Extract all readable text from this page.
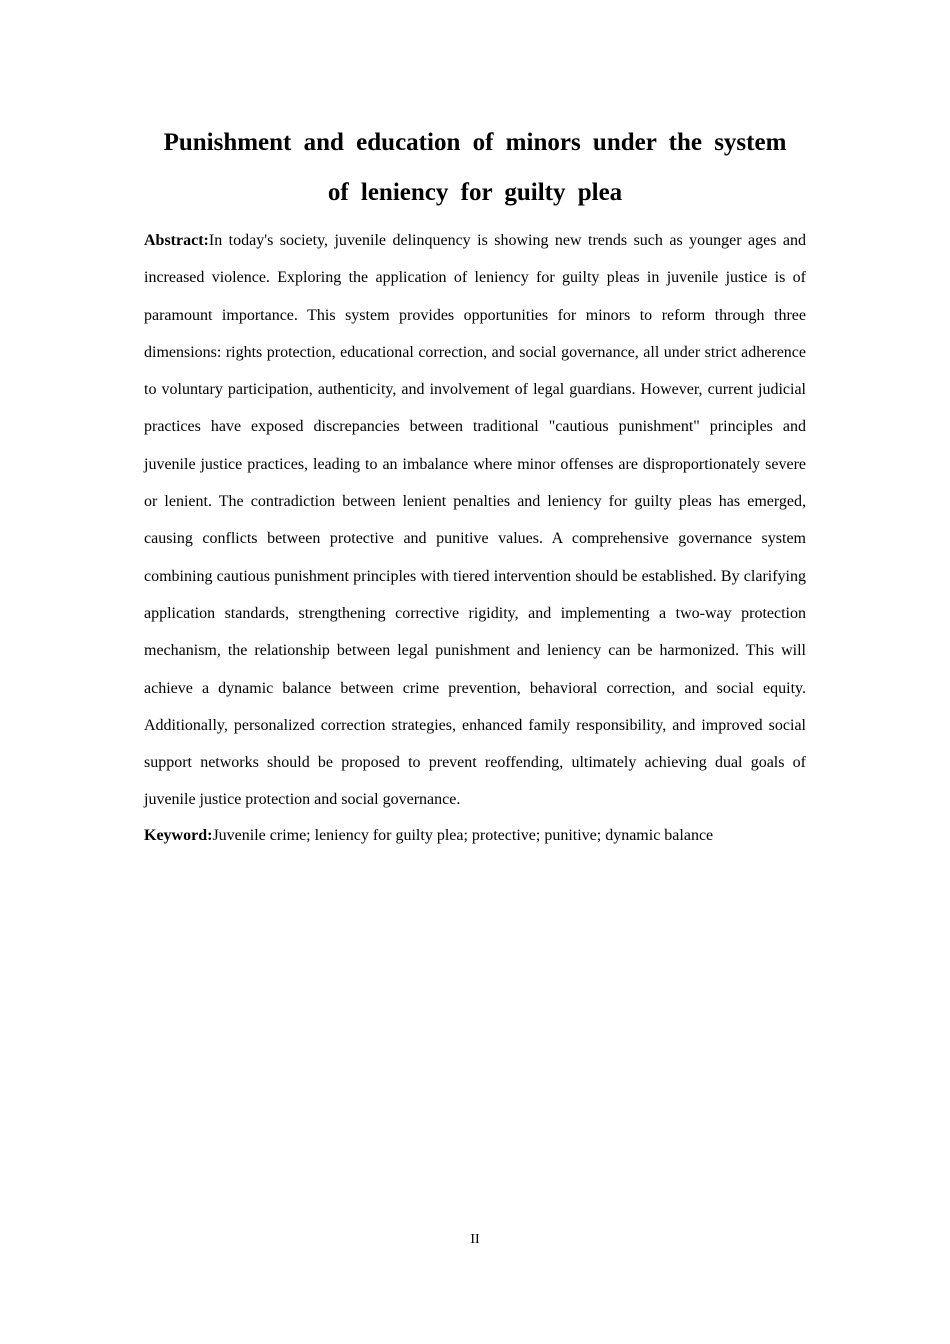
Punishment and education of minors under the system
of leniency for guilty plea

Abstract:In today's society, juvenile delinquency is showing new trends such as younger ages and increased violence. Exploring the application of leniency for guilty pleas in juvenile justice is of paramount importance. This system provides opportunities for minors to reform through three dimensions: rights protection, educational correction, and social governance, all under strict adherence to voluntary participation, authenticity, and involvement of legal guardians. However, current judicial practices have exposed discrepancies between traditional "cautious punishment" principles and juvenile justice practices, leading to an imbalance where minor offenses are disproportionately severe or lenient. The contradiction between lenient penalties and leniency for guilty pleas has emerged, causing conflicts between protective and punitive values. A comprehensive governance system combining cautious punishment principles with tiered intervention should be established. By clarifying application standards, strengthening corrective rigidity, and implementing a two-way protection mechanism, the relationship between legal punishment and leniency can be harmonized. This will achieve a dynamic balance between crime prevention, behavioral correction, and social equity. Additionally, personalized correction strategies, enhanced family responsibility, and improved social support networks should be proposed to prevent reoffending, ultimately achieving dual goals of juvenile justice protection and social governance.

Keyword:Juvenile crime; leniency for guilty plea; protective; punitive; dynamic balance

II
